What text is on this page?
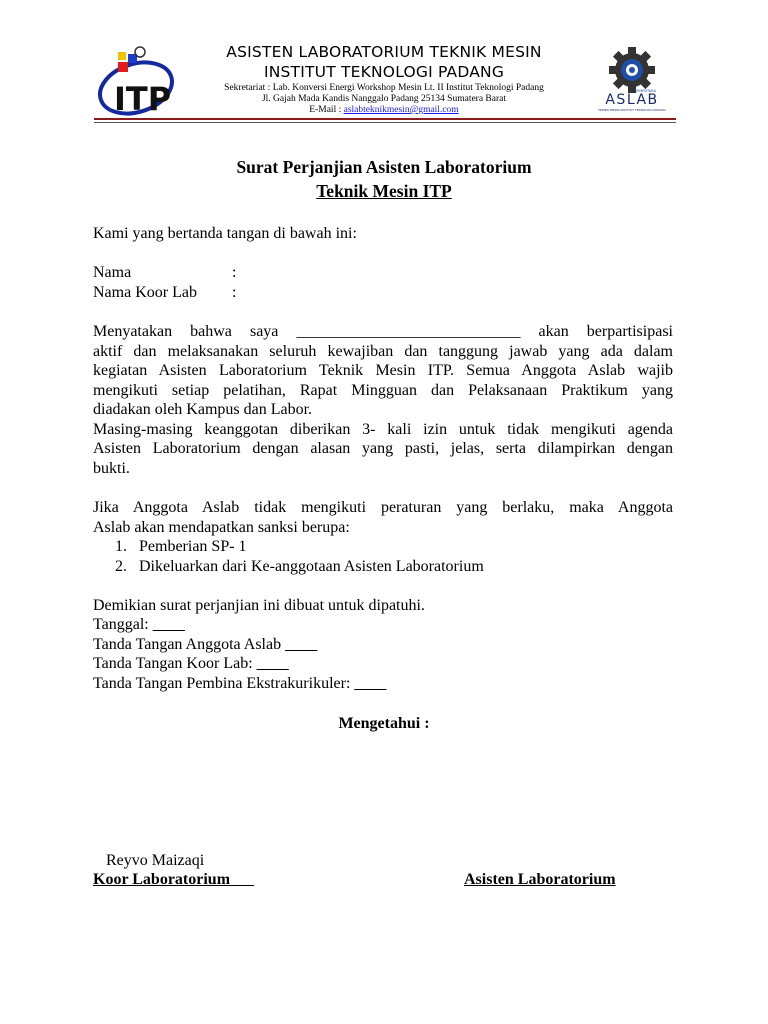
ITP
ASISTEN LABORATORIUM TEKNIK MESIN
INSTITUT TEKNOLOGI PADANG
Sekretariat : Lab. Konversi Energi Workshop Mesin Lt. II Institut Teknologi Padang
Jl. Gajah Mada Kandis Nanggalo Padang 25134 Sumatera Barat
E-Mail : aslabteknikmesin@gmail.com
SEMENTARA
ASLAB
TEKNIK MESIN INSTITUT TEKNOLOGI PADANG
Surat Perjanjian Asisten Laboratorium
Teknik Mesin ITP
Kami yang bertanda tangan di bawah ini:
Nama	:
Nama Koor Lab :
Menyatakan bahwa saya ____________________________ akan berpartisipasi
aktif dan melaksanakan seluruh kewajiban dan tanggung jawab yang ada dalam
kegiatan Asisten Laboratorium Teknik Mesin ITP. Semua Anggota Aslab wajib
mengikuti setiap pelatihan, Rapat Mingguan dan Pelaksanaan Praktikum yang
diadakan oleh Kampus dan Labor.
Masing-masing keanggotan diberikan 3- kali izin untuk tidak mengikuti agenda
Asisten Laboratorium dengan alasan yang pasti, jelas, serta dilampirkan dengan
bukti.
Jika Anggota Aslab tidak mengikuti peraturan yang berlaku, maka Anggota
Aslab akan mendapatkan sanksi berupa:
1. Pemberian SP- 1
2. Dikeluarkan dari Ke-anggotaan Asisten Laboratorium
Demikian surat perjanjian ini dibuat untuk dipatuhi.
Tanggal: ____
Tanda Tangan Anggota Aslab ____
Tanda Tangan Koor Lab: ____
Tanda Tangan Pembina Ekstrakurikuler: ____
Mengetahui :
Reyvo Maizaqi
Koor Laboratorium	Asisten Laboratorium
